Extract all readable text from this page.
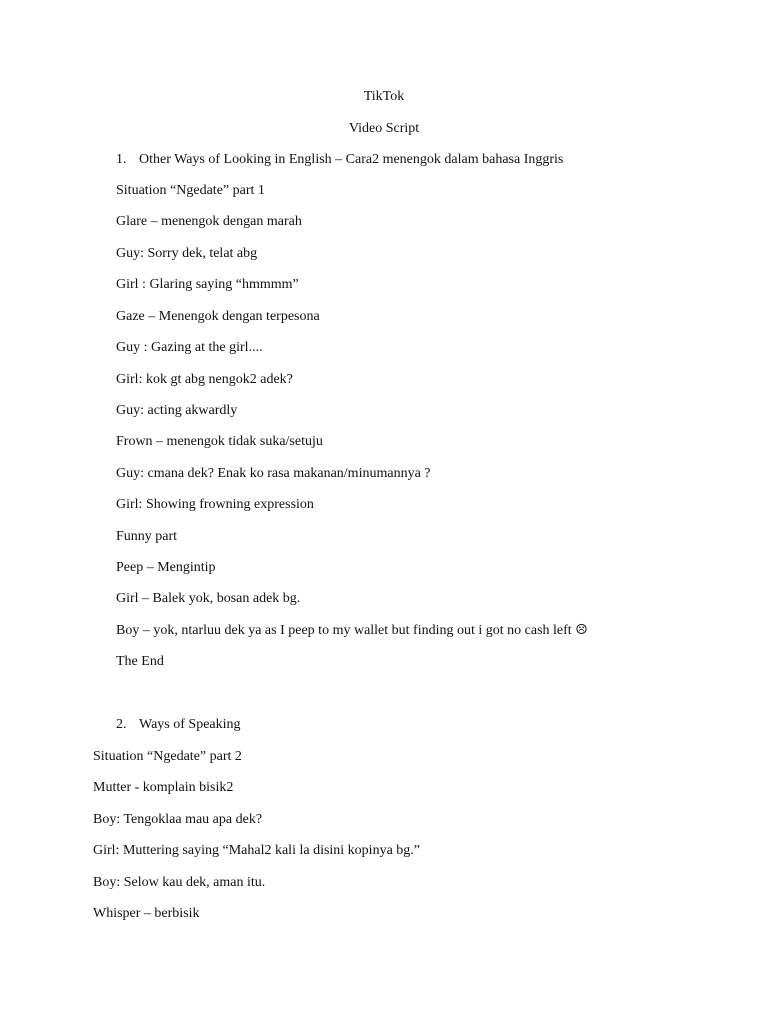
TikTok
Video Script
1. Other Ways of Looking in English – Cara2 menengok dalam bahasa Inggris
Situation “Ngedate” part 1
Glare – menengok dengan marah
Guy: Sorry dek, telat abg
Girl : Glaring saying “hmmmm”
Gaze – Menengok dengan terpesona
Guy : Gazing at the girl....
Girl: kok gt abg nengok2 adek?
Guy: acting akwardly
Frown – menengok tidak suka/setuju
Guy: cmana dek? Enak ko rasa makanan/minumannya ?
Girl: Showing frowning expression
Funny part
Peep – Mengintip
Girl – Balek yok, bosan adek bg.
Boy – yok, ntarluu dek ya as I peep to my wallet but finding out i got no cash left ☹
The End
2. Ways of Speaking
Situation “Ngedate” part 2
Mutter - komplain bisik2
Boy: Tengoklaa mau apa dek?
Girl: Muttering saying “Mahal2 kali la disini kopinya bg.”
Boy: Selow kau dek, aman itu.
Whisper – berbisik
